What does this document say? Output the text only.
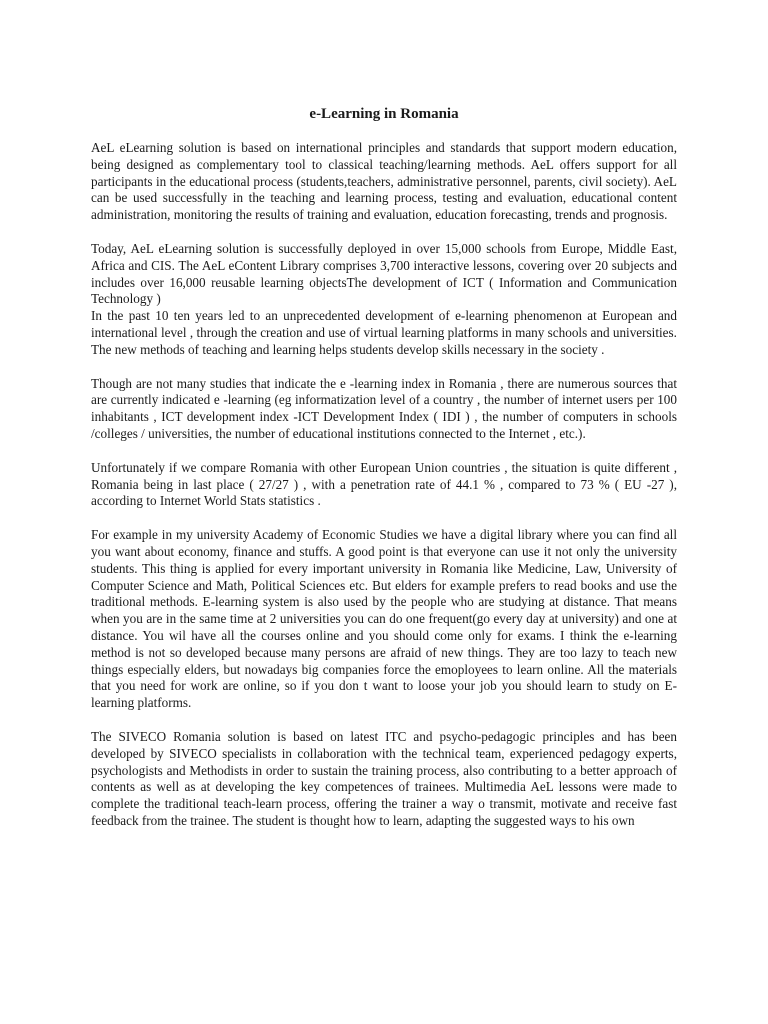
e-Learning in Romania

AeL eLearning solution is based on international principles and standards that support modern education, being designed as complementary tool to classical teaching/learning methods. AeL offers support for all participants in the educational process (students,teachers, administrative personnel, parents, civil society). AeL can be used successfully in the teaching and learning process, testing and evaluation, educational content administration, monitoring the results of training and evaluation, education forecasting, trends and prognosis.

Today, AeL eLearning solution is successfully deployed in over 15,000 schools from Europe, Middle East, Africa and CIS. The AeL eContent Library comprises 3,700 interactive lessons, covering over 20 subjects and includes over 16,000 reusable learning objectsThe development of ICT ( Information and Communication Technology )

In the past 10 ten years led to an unprecedented development of e-learning phenomenon at European and international level , through the creation and use of virtual learning platforms in many schools and universities.

The new methods of teaching and learning helps students develop skills necessary in the society .

Though are not many studies that indicate the e -learning index in Romania , there are numerous sources that are currently indicated e -learning (eg informatization level of a country , the number of internet users per 100 inhabitants , ICT development index -ICT Development Index ( IDI ) , the number of computers in schools /colleges / universities, the number of educational institutions connected to the Internet , etc.).

Unfortunately if we compare Romania with other European Union countries , the situation is quite different , Romania being in last place ( 27/27 ) , with a penetration rate of 44.1 % , compared to 73 % ( EU -27 ), according to Internet World Stats statistics .

For example in my university Academy of Economic Studies we have a digital library where you can find all you want about economy, finance and stuffs. A good point is that everyone can use it not only the university students. This thing is applied for every important university in Romania like Medicine, Law, University of Computer Science and Math, Political Sciences etc. But elders for example prefers to read books and use the traditional methods. E-learning system is also used by the people who are studying at distance. That means when you are in the same time at 2 universities you can do one frequent(go every day at university) and one at distance. You wil have all the courses online and you should come only for exams. I think the e-learning method is not so developed because many persons are afraid of new things. They are too lazy to teach new things especially elders, but nowadays big companies force the emoployees to learn online. All the materials that you need for work are online, so if you don t want to loose your job you should learn to study on E-learning platforms.

The SIVECO Romania solution is based on latest ITC and psycho-pedagogic principles and has been developed by SIVECO specialists in collaboration with the technical team, experienced pedagogy experts, psychologists and Methodists in order to sustain the training process, also contributing to a better approach of contents as well as at developing the key competences of trainees. Multimedia AeL lessons were made to complete the traditional teach-learn process, offering the trainer a way o transmit, motivate and receive fast feedback from the trainee. The student is thought how to learn, adapting the suggested ways to his own
